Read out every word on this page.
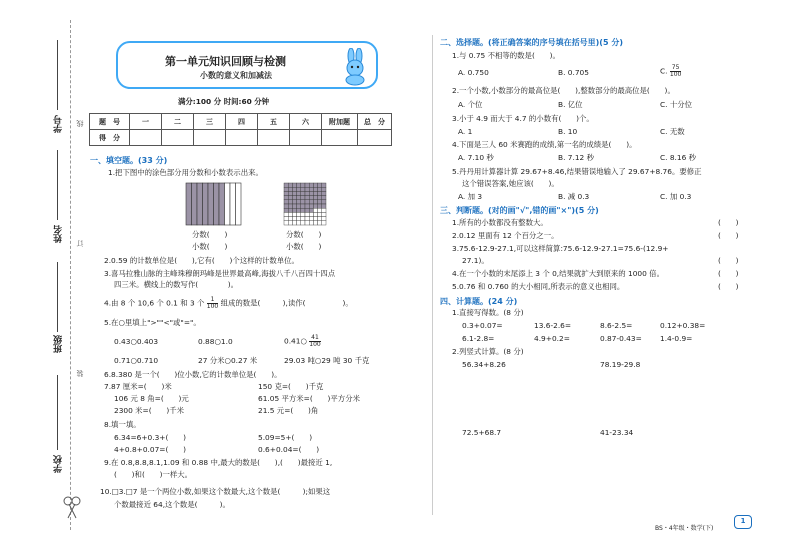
学号
姓名
班级
学校
线
订
装
第一单元知识回顾与检测
小数的意义和加减法
满分:100 分 时间:60 分钟
题　号	一	二	三	四	五	六	附加题	总　分
得　分								
一、填空题。(33 分)
1.把下图中的涂色部分用分数和小数表示出来。
分数(　　)
小数(　　)
分数(　　)
小数(　　)
2.0.59 的计数单位是(　　),它有(　　)个这样的计数单位。
3.喜马拉雅山脉的主峰珠穆朗玛峰是世界最高峰,海拔八千八百四十四点
四三米。横线上的数写作(　　　　)。
4.由 8 个 10,6 个 0.1 和 3 个 $\frac{1}{100}$ 组成的数是(　　　),读作(　　　　　)。
5.在○里填上">""<"或"="。
0.43○0.403	0.88○1.0	0.41○ $\frac{41}{100}$
0.71○0.710	27 分米○0.27 米	29.03 吨○29 吨 30 千克
6.8.380 是一个(　　)位小数,它的计数单位是(　　)。
7.87 厘米=(　　)米	150 克=(　　)千克
106 元 8 角=(　　)元	61.05 平方米=(　　)平方分米
2300 米=(　　)千米	21.5 元=(　　)角
8.填一填。
6.34=6+0.3+(　　)	5.09=5+(　　)
4+0.8+0.07=(　　)	0.6+0.04=(　　)
9.在 0.8,8.8,8.1,1.09 和 0.88 中,最大的数是(　　),(　　)最接近 1,
(　　)和(　　)一样大。
10.□3.□7 是一个两位小数,如果这个数最大,这个数是(　　　);如果这
个数最接近 64,这个数是(　　　)。
二、选择题。(将正确答案的序号填在括号里)(5 分)
1.与 0.75 不相等的数是(　　)。
A. 0.750	B. 0.705	C. $\frac{75}{100}$
2.一个小数,小数部分的最高位是(　　),整数部分的最高位是(　　)。
A. 个位	B. 亿位	C. 十分位
3.小于 4.9 而大于 4.7 的小数有(　　)个。
A. 1	B. 10	C. 无数
4.下面是三人 60 米赛跑的成绩,第一名的成绩是(　　)。
A. 7.10 秒	B. 7.12 秒	C. 8.16 秒
5.丹丹用计算器计算 29.67+8.46,结果错误地输入了 29.67+8.76。要修正
这个错误答案,她应该(　　)。
A. 加 3	B. 减 0.3	C. 加 0.3
三、判断题。(对的画"√",错的画"×")(5 分)
1.所有的小数都没有整数大。	(　　)
2.0.12 里面有 12 个百分之一。	(　　)
3.75.6-12.9-27.1,可以这样简算:75.6-12.9-27.1=75.6-(12.9+
27.1)。	(　　)
4.在一个小数的末尾添上 3 个 0,结果就扩大到原来的 1000 倍。	(　　)
5.0.76 和 0.760 的大小相同,所表示的意义也相同。	(　　)
四、计算题。(24 分)
1.直接写得数。(8 分)
0.3+0.07=	13.6-2.6=	8.6-2.5=	0.12+0.38=
6.1-2.8=	4.9+0.2=	0.87-0.43= 1.4-0.9=
2.列竖式计算。(8 分)
56.34+8.26	78.19-29.8
72.5+68.7	41-23.34
BS・4年级・数学(下)
1
